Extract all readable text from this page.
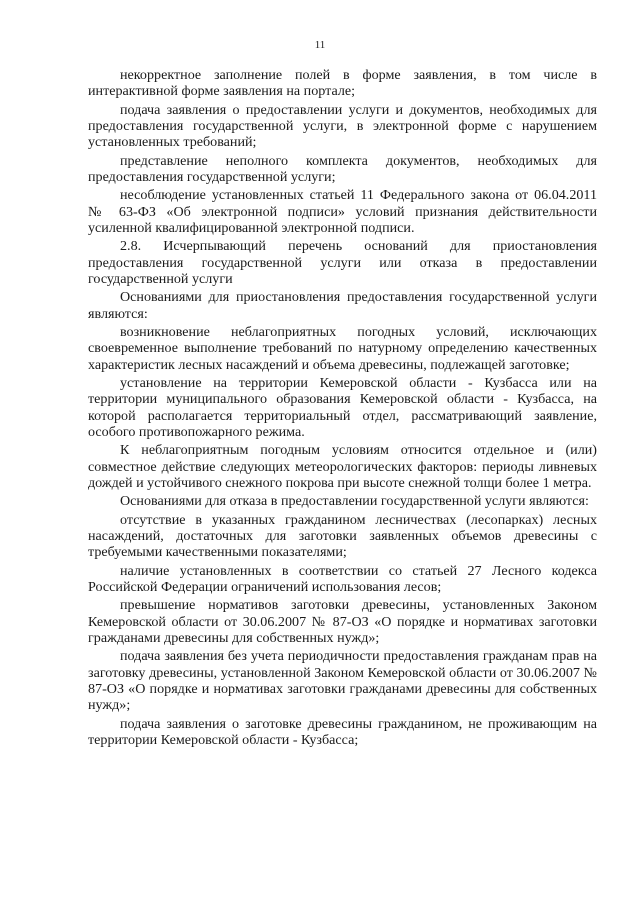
11

некорректное заполнение полей в форме заявления, в том числе в интерактивной форме заявления на портале;

подача заявления о предоставлении услуги и документов, необходимых для предоставления государственной услуги, в электронной форме с нарушением установленных требований;

представление неполного комплекта документов, необходимых для предоставления государственной услуги;

несоблюдение установленных статьей 11 Федерального закона от 06.04.2011 № 63-ФЗ «Об электронной подписи» условий признания действительности усиленной квалифицированной электронной подписи.

2.8. Исчерпывающий перечень оснований для приостановления предоставления государственной услуги или отказа в предоставлении государственной услуги

Основаниями для приостановления предоставления государственной услуги являются:

возникновение неблагоприятных погодных условий, исключающих своевременное выполнение требований по натурному определению качественных характеристик лесных насаждений и объема древесины, подлежащей заготовке;

установление на территории Кемеровской области - Кузбасса или на территории муниципального образования Кемеровской области - Кузбасса, на которой располагается территориальный отдел, рассматривающий заявление, особого противопожарного режима.

К неблагоприятным погодным условиям относится отдельное и (или) совместное действие следующих метеорологических факторов: периоды ливневых дождей и устойчивого снежного покрова при высоте снежной толщи более 1 метра.

Основаниями для отказа в предоставлении государственной услуги являются:

отсутствие в указанных гражданином лесничествах (лесопарках) лесных насаждений, достаточных для заготовки заявленных объемов древесины с требуемыми качественными показателями;

наличие установленных в соответствии со статьей 27 Лесного кодекса Российской Федерации ограничений использования лесов;

превышение нормативов заготовки древесины, установленных Законом Кемеровской области от 30.06.2007 № 87-ОЗ «О порядке и нормативах заготовки гражданами древесины для собственных нужд»;

подача заявления без учета периодичности предоставления гражданам прав на заготовку древесины, установленной Законом Кемеровской области от 30.06.2007 № 87-ОЗ «О порядке и нормативах заготовки гражданами древесины для собственных нужд»;

подача заявления о заготовке древесины гражданином, не проживающим на территории Кемеровской области - Кузбасса;
